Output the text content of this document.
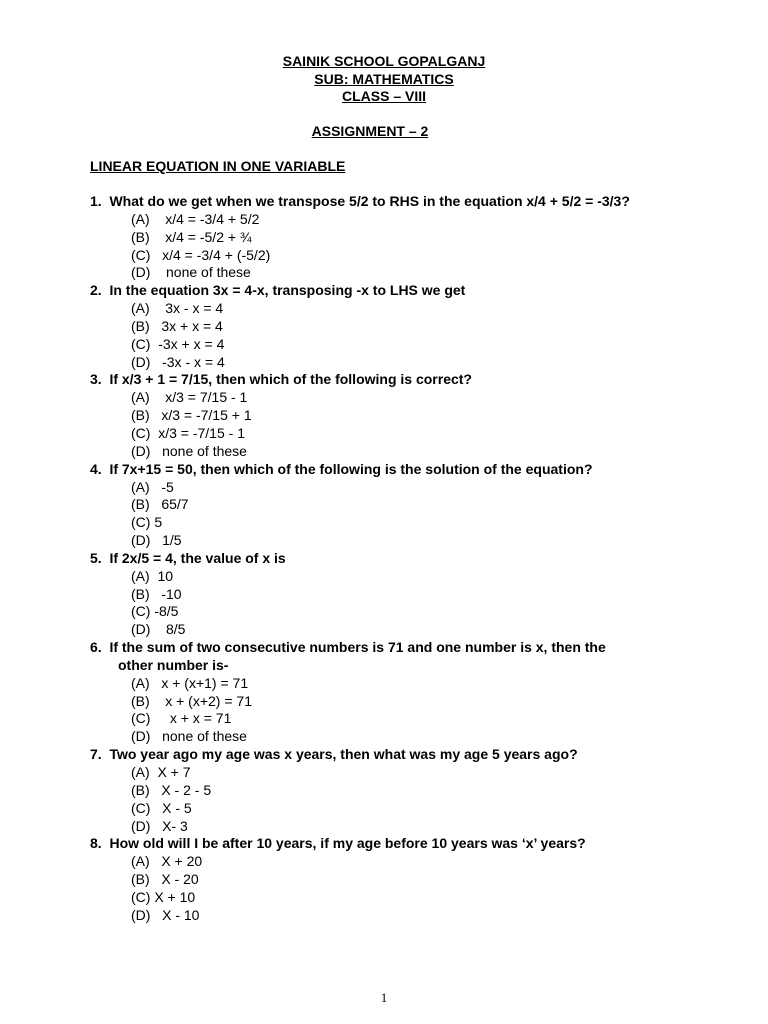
SAINIK SCHOOL GOPALGANJ
SUB: MATHEMATICS
CLASS – VIII
ASSIGNMENT – 2
LINEAR EQUATION IN ONE VARIABLE
1.  What do we get when we transpose 5/2 to RHS in the equation x/4 + 5/2 = -3/3?
(A)    x/4 = -3/4 + 5/2
(B)    x/4 = -5/2 + ¾
(C)   x/4 = -3/4 + (-5/2)
(D)    none of these
2.  In the equation 3x = 4-x, transposing -x to LHS we get
(A)    3x - x = 4
(B)   3x + x = 4
(C)  -3x + x = 4
(D)   -3x - x = 4
3.  If x/3 + 1 = 7/15, then which of the following is correct?
(A)    x/3 = 7/15 - 1
(B)   x/3 = -7/15 + 1
(C)  x/3 = -7/15 - 1
(D)   none of these
4.  If 7x+15 = 50, then which of the following is the solution of the equation?
(A)   -5
(B)   65/7
(C) 5
(D)   1/5
5.  If 2x/5 = 4, the value of x is
(A)  10
(B)   -10
(C) -8/5
(D)    8/5
6.  If the sum of two consecutive numbers is 71 and one number is x, then the
other number is-
(A)   x + (x+1) = 71
(B)    x + (x+2) = 71
(C)     x + x = 71
(D)   none of these
7.  Two year ago my age was x years, then what was my age 5 years ago?
(A)  X + 7
(B)   X - 2 - 5
(C)   X - 5
(D)   X- 3
8.  How old will I be after 10 years, if my age before 10 years was ‘x’ years?
(A)   X + 20
(B)   X - 20
(C) X + 10
(D)   X - 10
1
